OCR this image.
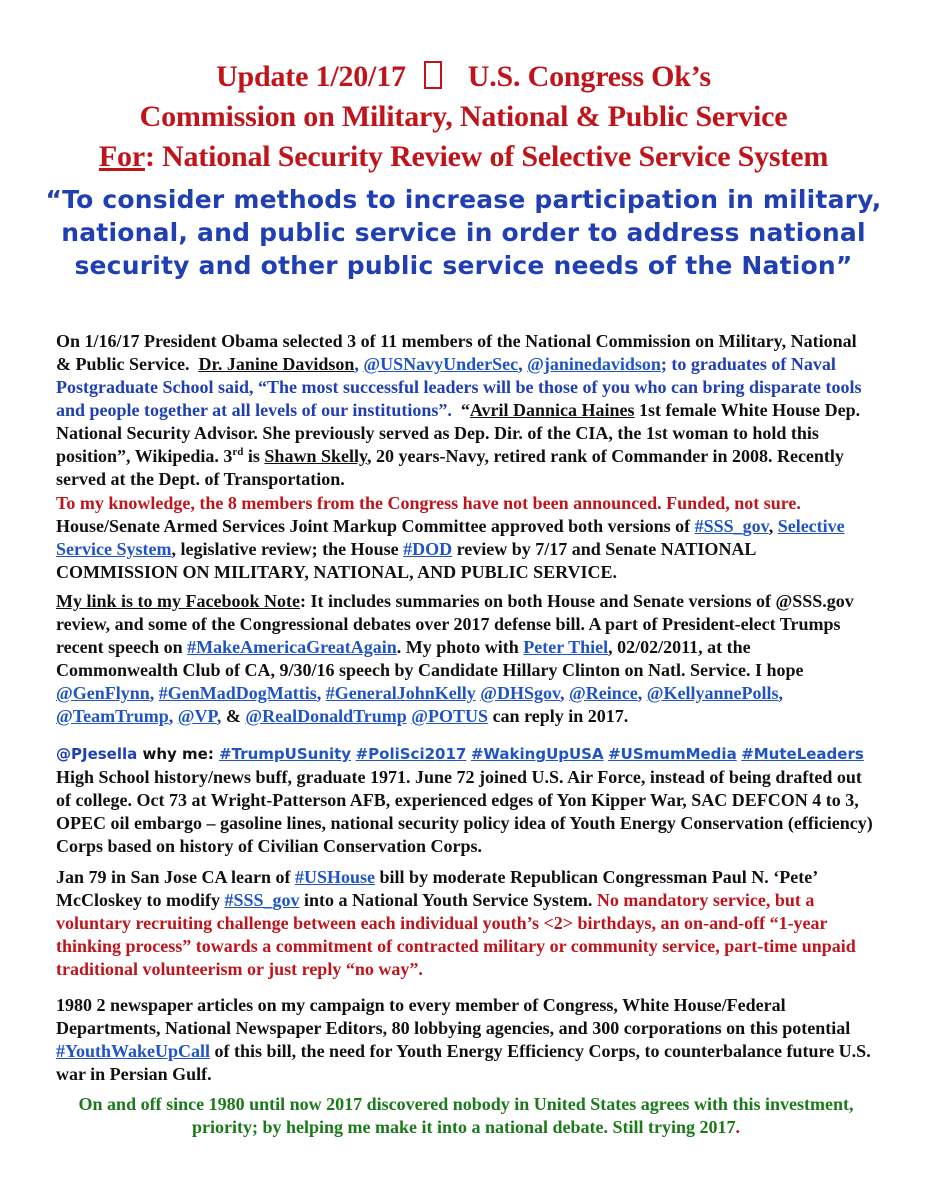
Update 1/20/17 U.S. Congress Ok’s
Commission on Military, National & Public Service
For: National Security Review of Selective Service System
“To consider methods to increase participation in military, national, and public service in order to address national security and other public service needs of the Nation”
On 1/16/17 President Obama selected 3 of 11 members of the National Commission on Military, National & Public Service. Dr. Janine Davidson, @USNavyUnderSec, @janinedavidson; to graduates of Naval Postgraduate School said, “The most successful leaders will be those of you who can bring disparate tools and people together at all levels of our institutions”. “Avril Dannica Haines 1st female White House Dep. National Security Advisor. She previously served as Dep. Dir. of the CIA, the 1st woman to hold this position”, Wikipedia. 3rd is Shawn Skelly, 20 years-Navy, retired rank of Commander in 2008. Recently served at the Dept. of Transportation.
To my knowledge, the 8 members from the Congress have not been announced. Funded, not sure.
House/Senate Armed Services Joint Markup Committee approved both versions of #SSS_gov, Selective Service System, legislative review; the House #DOD review by 7/17 and Senate NATIONAL COMMISSION ON MILITARY, NATIONAL, AND PUBLIC SERVICE.
My link is to my Facebook Note: It includes summaries on both House and Senate versions of @SSS.gov review, and some of the Congressional debates over 2017 defense bill. A part of President-elect Trumps recent speech on #MakeAmericaGreatAgain. My photo with Peter Thiel, 02/02/2011, at the Commonwealth Club of CA, 9/30/16 speech by Candidate Hillary Clinton on Natl. Service. I hope @GenFlynn, #GenMadDogMattis, #GeneralJohnKelly @DHSgov, @Reince, @KellyannePolls, @TeamTrump, @VP, & @RealDonaldTrump @POTUS can reply in 2017.
@PJesella why me: #TrumpUSunity #PoliSci2017 #WakingUpUSA #USmumMedia #MuteLeaders
High School history/news buff, graduate 1971. June 72 joined U.S. Air Force, instead of being drafted out of college. Oct 73 at Wright-Patterson AFB, experienced edges of Yon Kipper War, SAC DEFCON 4 to 3, OPEC oil embargo – gasoline lines, national security policy idea of Youth Energy Conservation (efficiency) Corps based on history of Civilian Conservation Corps.
Jan 79 in San Jose CA learn of #USHouse bill by moderate Republican Congressman Paul N. ‘Pete’ McCloskey to modify #SSS_gov into a National Youth Service System. No mandatory service, but a voluntary recruiting challenge between each individual youth’s <2> birthdays, an on-and-off “1-year thinking process” towards a commitment of contracted military or community service, part-time unpaid traditional volunteerism or just reply “no way”.
1980 2 newspaper articles on my campaign to every member of Congress, White House/Federal Departments, National Newspaper Editors, 80 lobbying agencies, and 300 corporations on this potential #YouthWakeUpCall of this bill, the need for Youth Energy Efficiency Corps, to counterbalance future U.S. war in Persian Gulf.
On and off since 1980 until now 2017 discovered nobody in United States agrees with this investment, priority; by helping me make it into a national debate. Still trying 2017.
